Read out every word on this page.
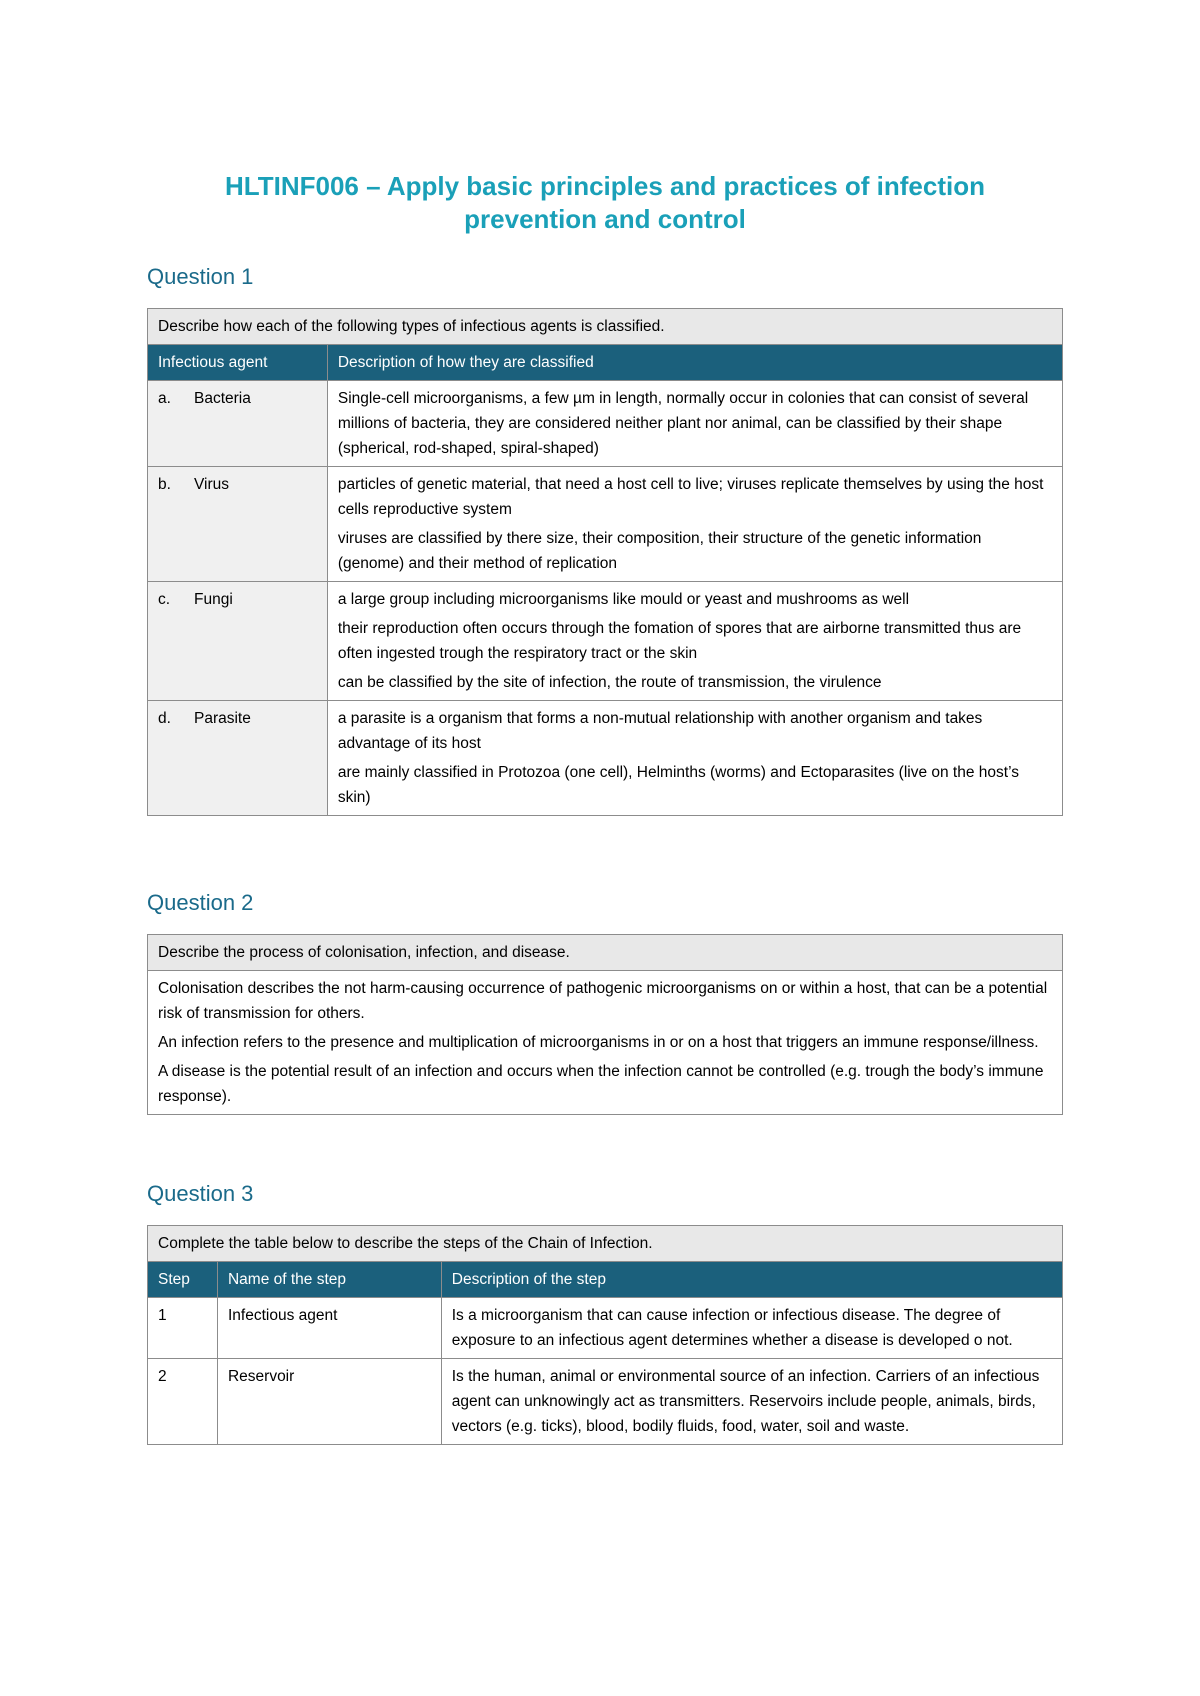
HLTINF006 – Apply basic principles and practices of infection
prevention and control
Question 1
Describe how each of the following types of infectious agents is classified.	
Infectious agent	Description of how they are classified
a. Bacteria	Single-cell microorganisms, a few µm in length, normally occur in colonies that can consist of several millions of bacteria, they are considered neither plant nor animal, can be classified by their shape (spherical, rod-shaped, spiral-shaped)

b. Virus	particles of genetic material, that need a host cell to live; viruses replicate themselves by using the host cells reproductive system

viruses are classified by there size, their composition, their structure of the genetic information (genome) and their method of replication

c. Fungi	a large group including microorganisms like mould or yeast and mushrooms as well

their reproduction often occurs through the fomation of spores that are airborne transmitted thus are often ingested trough the respiratory tract or the skin

can be classified by the site of infection, the route of transmission, the virulence

d. Parasite	a parasite is a organism that forms a non-mutual relationship with another organism and takes advantage of its host

are mainly classified in Protozoa (one cell), Helminths (worms) and Ectoparasites (live on the host’s skin)

Question 2
Describe the process of colonisation, infection, and disease.

Colonisation describes the not harm-causing occurrence of pathogenic microorganisms on or within a host, that can be a potential risk of transmission for others.

An infection refers to the presence and multiplication of microorganisms in or on a host that triggers an immune response/illness.

A disease is the potential result of an infection and occurs when the infection cannot be controlled (e.g. trough the body’s immune response).

Question 3
Complete the table below to describe the steps of the Chain of Infection.		
Step	Name of the step	Description of the step
1	Infectious agent	Is a microorganism that can cause infection or infectious disease. The degree of exposure to an infectious agent determines whether a disease is developed o not.
2	Reservoir	Is the human, animal or environmental source of an infection. Carriers of an infectious agent can unknowingly act as transmitters. Reservoirs include people, animals, birds, vectors (e.g. ticks), blood, bodily fluids, food, water, soil and waste.
